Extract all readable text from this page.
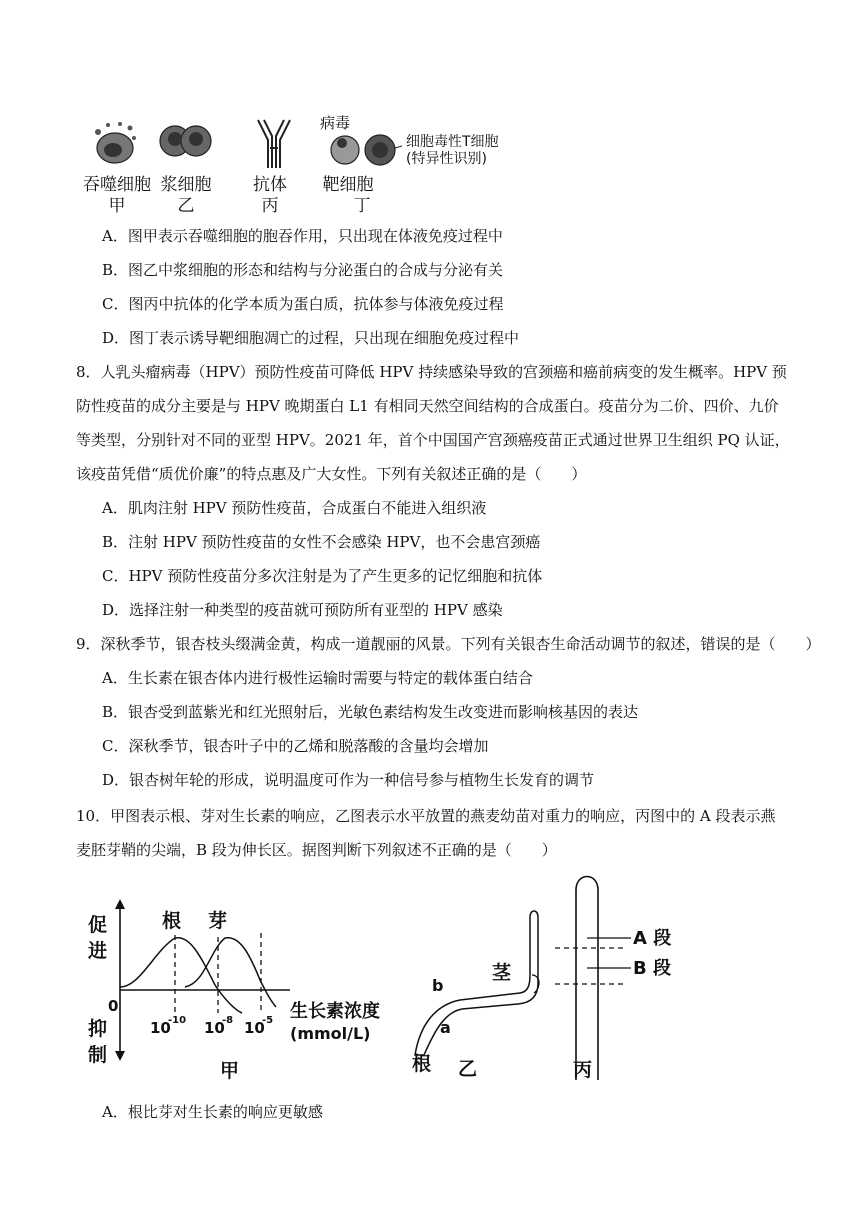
病毒
细胞毒性T细胞
(特异性识别)
吞噬细胞
甲
浆细胞
乙
抗体
丙
靶细胞
丁
A．图甲表示吞噬细胞的胞吞作用，只出现在体液免疫过程中
B．图乙中浆细胞的形态和结构与分泌蛋白的合成与分泌有关
C．图丙中抗体的化学本质为蛋白质，抗体参与体液免疫过程
D．图丁表示诱导靶细胞凋亡的过程，只出现在细胞免疫过程中
8．人乳头瘤病毒（HPV）预防性疫苗可降低 HPV 持续感染导致的宫颈癌和癌前病变的发生概率。HPV 预
防性疫苗的成分主要是与 HPV 晚期蛋白 L1 有相同天然空间结构的合成蛋白。疫苗分为二价、四价、九价
等类型，分别针对不同的亚型 HPV。2021 年，首个中国国产宫颈癌疫苗正式通过世界卫生组织 PQ 认证，
该疫苗凭借“质优价廉”的特点惠及广大女性。下列有关叙述正确的是（　　）
A．肌肉注射 HPV 预防性疫苗，合成蛋白不能进入组织液
B．注射 HPV 预防性疫苗的女性不会感染 HPV，也不会患宫颈癌
C．HPV 预防性疫苗分多次注射是为了产生更多的记忆细胞和抗体
D．选择注射一种类型的疫苗就可预防所有亚型的 HPV 感染
9．深秋季节，银杏枝头缀满金黄，构成一道靓丽的风景。下列有关银杏生命活动调节的叙述，错误的是（　　）
A．生长素在银杏体内进行极性运输时需要与特定的载体蛋白结合
B．银杏受到蓝紫光和红光照射后，光敏色素结构发生改变进而影响核基因的表达
C．深秋季节，银杏叶子中的乙烯和脱落酸的含量均会增加
D．银杏树年轮的形成，说明温度可作为一种信号参与植物生长发育的调节
10．甲图表示根、芽对生长素的响应，乙图表示水平放置的燕麦幼苗对重力的响应，丙图中的 A 段表示燕
麦胚芽鞘的尖端，B 段为伸长区。据图判断下列叙述不正确的是（　　）
促
进
0
抑
制
根 芽
10
-10 10
-8 10
-5 生长素浓度
(mmol/L)
甲
b
a
茎
根 乙
A 段
B 段
丙
A．根比芽对生长素的响应更敏感
